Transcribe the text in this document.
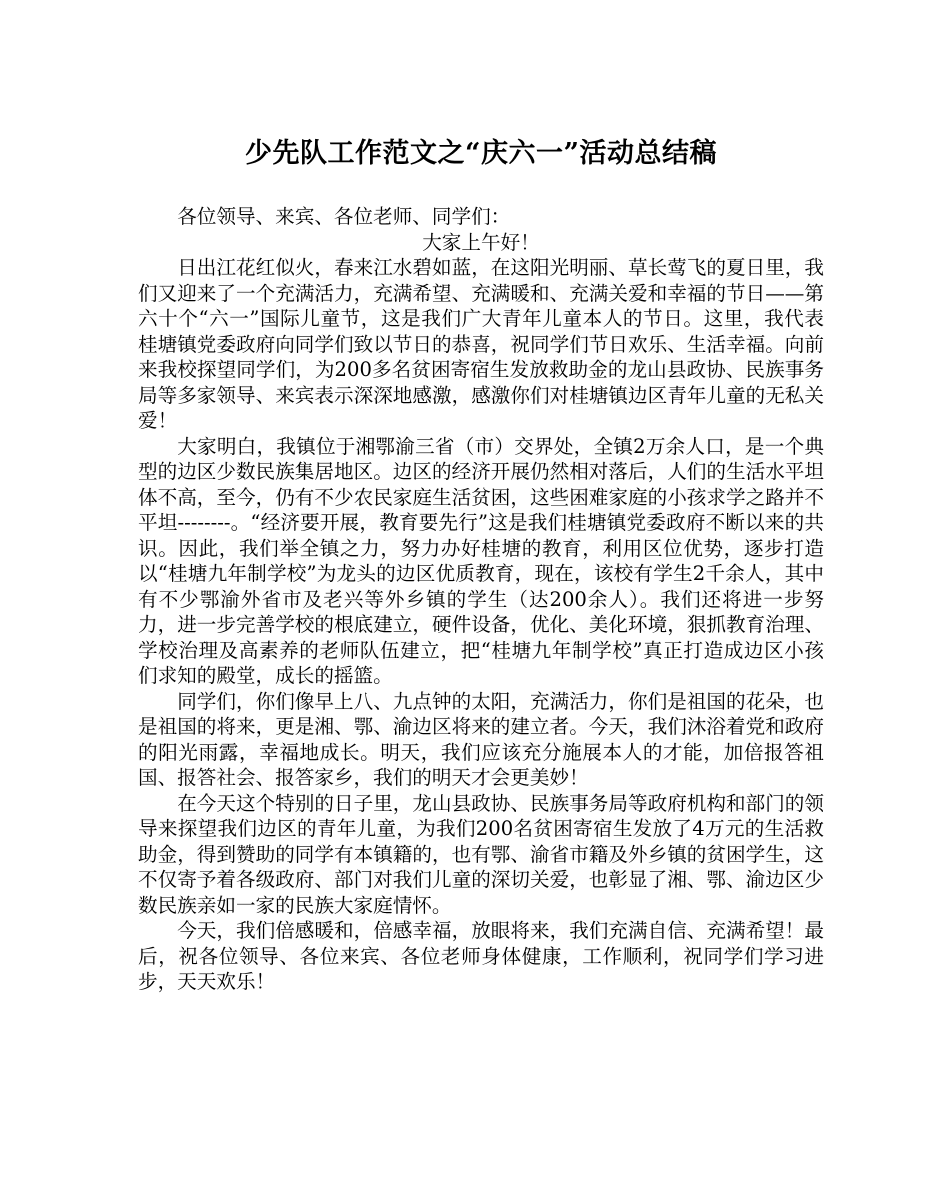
少先队工作范文之“庆六一”活动总结稿

各位领导、来宾、各位老师、同学们：

大家上午好！

日出江花红似火，春来江水碧如蓝，在这阳光明丽、草长莺飞的夏日里，我们又迎来了一个充满活力，充满希望、充满暖和、充满关爱和幸福的节日——第六十个“六一”国际儿童节，这是我们广大青年儿童本人的节日。这里，我代表桂塘镇党委政府向同学们致以节日的恭喜，祝同学们节日欢乐、生活幸福。向前来我校探望同学们，为200多名贫困寄宿生发放救助金的龙山县政协、民族事务局等多家领导、来宾表示深深地感激，感激你们对桂塘镇边区青年儿童的无私关爱！

大家明白，我镇位于湘鄂渝三省（市）交界处，全镇2万余人口，是一个典型的边区少数民族集居地区。边区的经济开展仍然相对落后，人们的生活水平坦体不高，至今，仍有不少农民家庭生活贫困，这些困难家庭的小孩求学之路并不平坦--------。“经济要开展，教育要先行”这是我们桂塘镇党委政府不断以来的共识。因此，我们举全镇之力，努力办好桂塘的教育，利用区位优势，逐步打造以“桂塘九年制学校”为龙头的边区优质教育，现在，该校有学生2千余人，其中有不少鄂渝外省市及老兴等外乡镇的学生（达200余人）。我们还将进一步努力，进一步完善学校的根底建立，硬件设备，优化、美化环境，狠抓教育治理、学校治理及高素养的老师队伍建立，把“桂塘九年制学校”真正打造成边区小孩们求知的殿堂，成长的摇篮。

同学们，你们像早上八、九点钟的太阳，充满活力，你们是祖国的花朵，也是祖国的将来，更是湘、鄂、渝边区将来的建立者。今天，我们沐浴着党和政府的阳光雨露，幸福地成长。明天，我们应该充分施展本人的才能，加倍报答祖国、报答社会、报答家乡，我们的明天才会更美妙！

在今天这个特别的日子里，龙山县政协、民族事务局等政府机构和部门的领导来探望我们边区的青年儿童，为我们200名贫困寄宿生发放了4万元的生活救助金，得到赞助的同学有本镇籍的，也有鄂、渝省市籍及外乡镇的贫困学生，这不仅寄予着各级政府、部门对我们儿童的深切关爱，也彰显了湘、鄂、渝边区少数民族亲如一家的民族大家庭情怀。

今天，我们倍感暖和，倍感幸福，放眼将来，我们充满自信、充满希望！最后，祝各位领导、各位来宾、各位老师身体健康，工作顺利，祝同学们学习进步，天天欢乐！
